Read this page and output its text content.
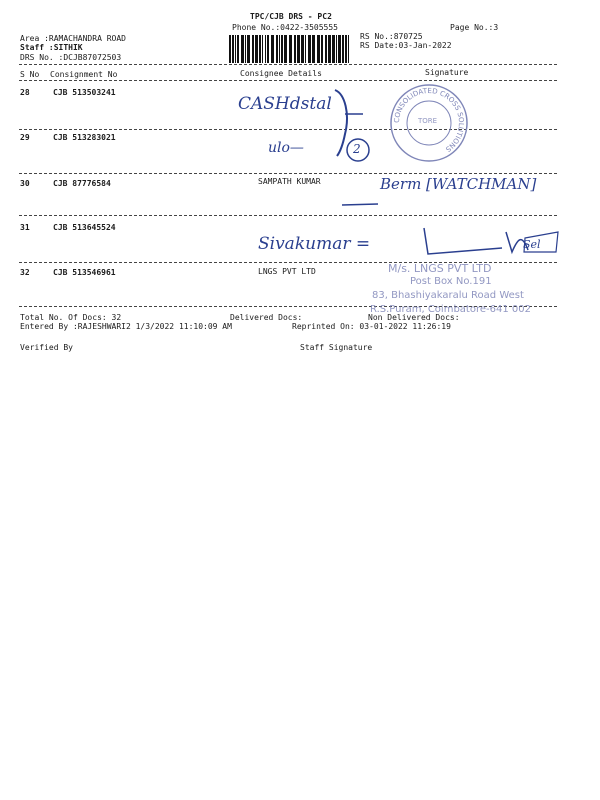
TPC/CJB DRS - PC2
Phone No.:0422-3505555	Page No.:3
Area :RAMACHANDRA ROAD
Staff :SITHIK
DRS No. :DCJB87072503
RS No.:870725
RS Date:03-Jan-2022
S No Consignment No	Consignee Details	Signature
28	CJB 513503241
29	CJB 513283021
30	CJB 87776584	SAMPATH KUMAR
31	CJB 513645524
32	CJB 513546961	LNGS PVT LTD
CASHdstal
ulo—	2
Berm [WATCHMAN]
Sivakumar =	Sel
CONSOLIDATED CROSS SOLUTIONS
TORE
M/s. LNGS PVT LTD
Post Box No.191
83, Bhashiyakaralu Road West
R.S.Puram, Coimbatore-641 002
Total No. Of Docs: 32	Delivered Docs:	Non Delivered Docs:
Entered By :RAJESHWARI2 1/3/2022 11:10:09 AM	Reprinted On: 03-01-2022 11:26:19
Verified By	Staff Signature
